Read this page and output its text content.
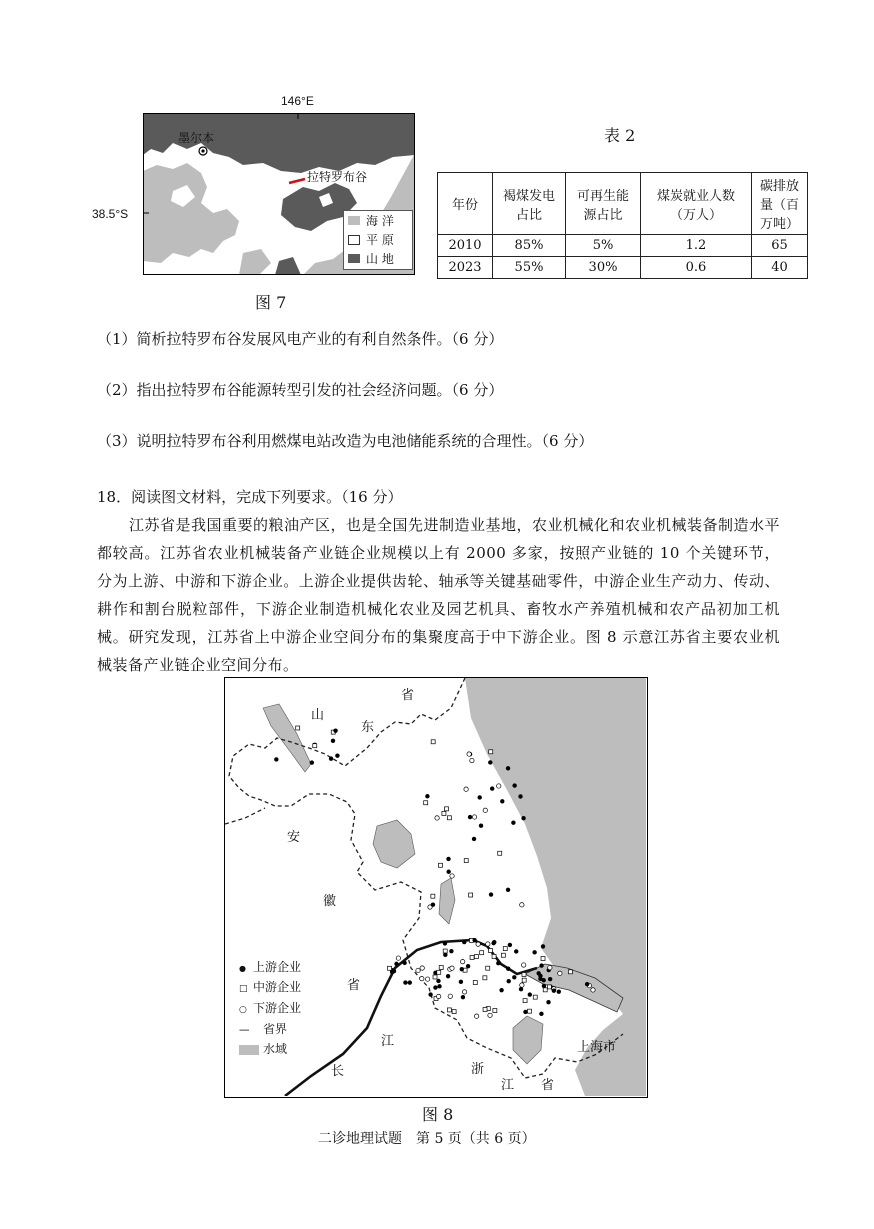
146°E
38.5°S
墨尔本
拉特罗布谷
海 洋
平 原
山 地
图 7
表 2
年份	褐煤发电占比	可再生能源占比	煤炭就业人数（万人）	碳排放量（百万吨）
2010	85%	5%	1.2	65
2023	55%	30%	0.6	40
（1）简析拉特罗布谷发展风电产业的有利自然条件。（6 分）
（2）指出拉特罗布谷能源转型引发的社会经济问题。（6 分）
（3）说明拉特罗布谷利用燃煤电站改造为电池储能系统的合理性。（6 分）
18．阅读图文材料，完成下列要求。（16 分）
江苏省是我国重要的粮油产区，也是全国先进制造业基地，农业机械化和农业机械装备制造水平都较高。江苏省农业机械装备产业链企业规模以上有 2000 多家，按照产业链的 10 个关键环节，分为上游、中游和下游企业。上游企业提供齿轮、轴承等关键基础零件，中游企业生产动力、传动、耕作和割台脱粒部件，下游企业制造机械化农业及园艺机具、畜牧水产养殖机械和农产品初加工机械。研究发现，江苏省上中游企业空间分布的集聚度高于中下游企业。图 8 示意江苏省主要农业机械装备产业链企业空间分布。
省
山
东
安
徽
省
江
长	浙
江 省
上海市
● 上游企业
□ 中游企业
○ 下游企业
---- 省界
水域
图 8
二诊地理试题　第 5 页（共 6 页）
